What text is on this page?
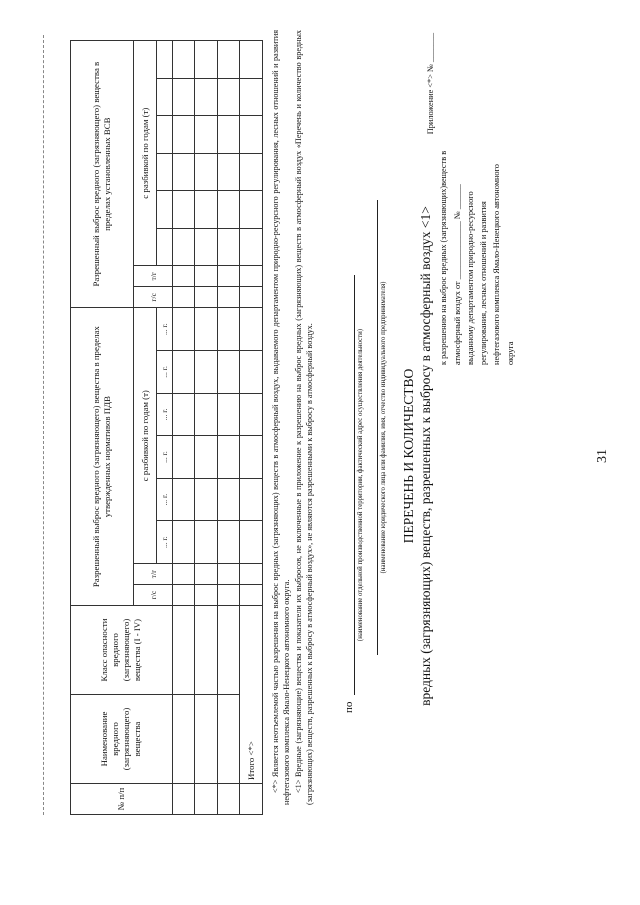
31
Приложение <*> № _______
к разрешению на выброс вредных (загрязняющих)веществ в атмосферный воздух от ______________ № ______ выданному департаментом природно-ресурсного регулирования, лесных отношений и развития нефтегазового комплекса Ямало-Ненецкого автономного округа
ПЕРЕЧЕНЬ И КОЛИЧЕСТВО вредных (загрязняющих) веществ, разрешенных к выбросу в атмосферный воздух <1>
(наименование юридического лица или фамилия, имя, отчество индивидуального предпринимателя)
по
(наименование отдельной производственной территории, фактический адрес осуществления деятельности)

<*> Является неотъемлемой частью разрешения на выброс вредных (загрязняющих) веществ в атмосферный воздух, выдаваемого департаментом природно-ресурсного регулирования, лесных отношений и развития нефтегазового комплекса Ямало-Ненецкого автономного округа. <1> Вредные (загрязняющие) вещества и показатели их выбросов, не включенные в приложение к разрешению на выброс вредных (загрязняющих) веществ в атмосферный воздух «Перечень и количество вредных (загрязняющих) веществ, разрешенных к выбросу в атмосферный воздух», не являются разрешенными к выбросу в атмосферный воздух.

№ п/п	Наименование вредного (загрязняющего) вещества	Класс опасности вредного (загрязняющего) вещества (I - IV)	Разрешенный выброс вредного (загрязняющего) вещества в пределах утвержденных нормативов ПДВ								Разрешенный выброс вредного (загрязняющего) вещества в пределах установленных ВСВ							
			г/с	т/г	с разбивкой по годам (т)						г/с	т/г	с разбивкой по годам (т)					
					... г.	... г.	... г.	... г.	... г.	... г.								

	Итого <*>																	
